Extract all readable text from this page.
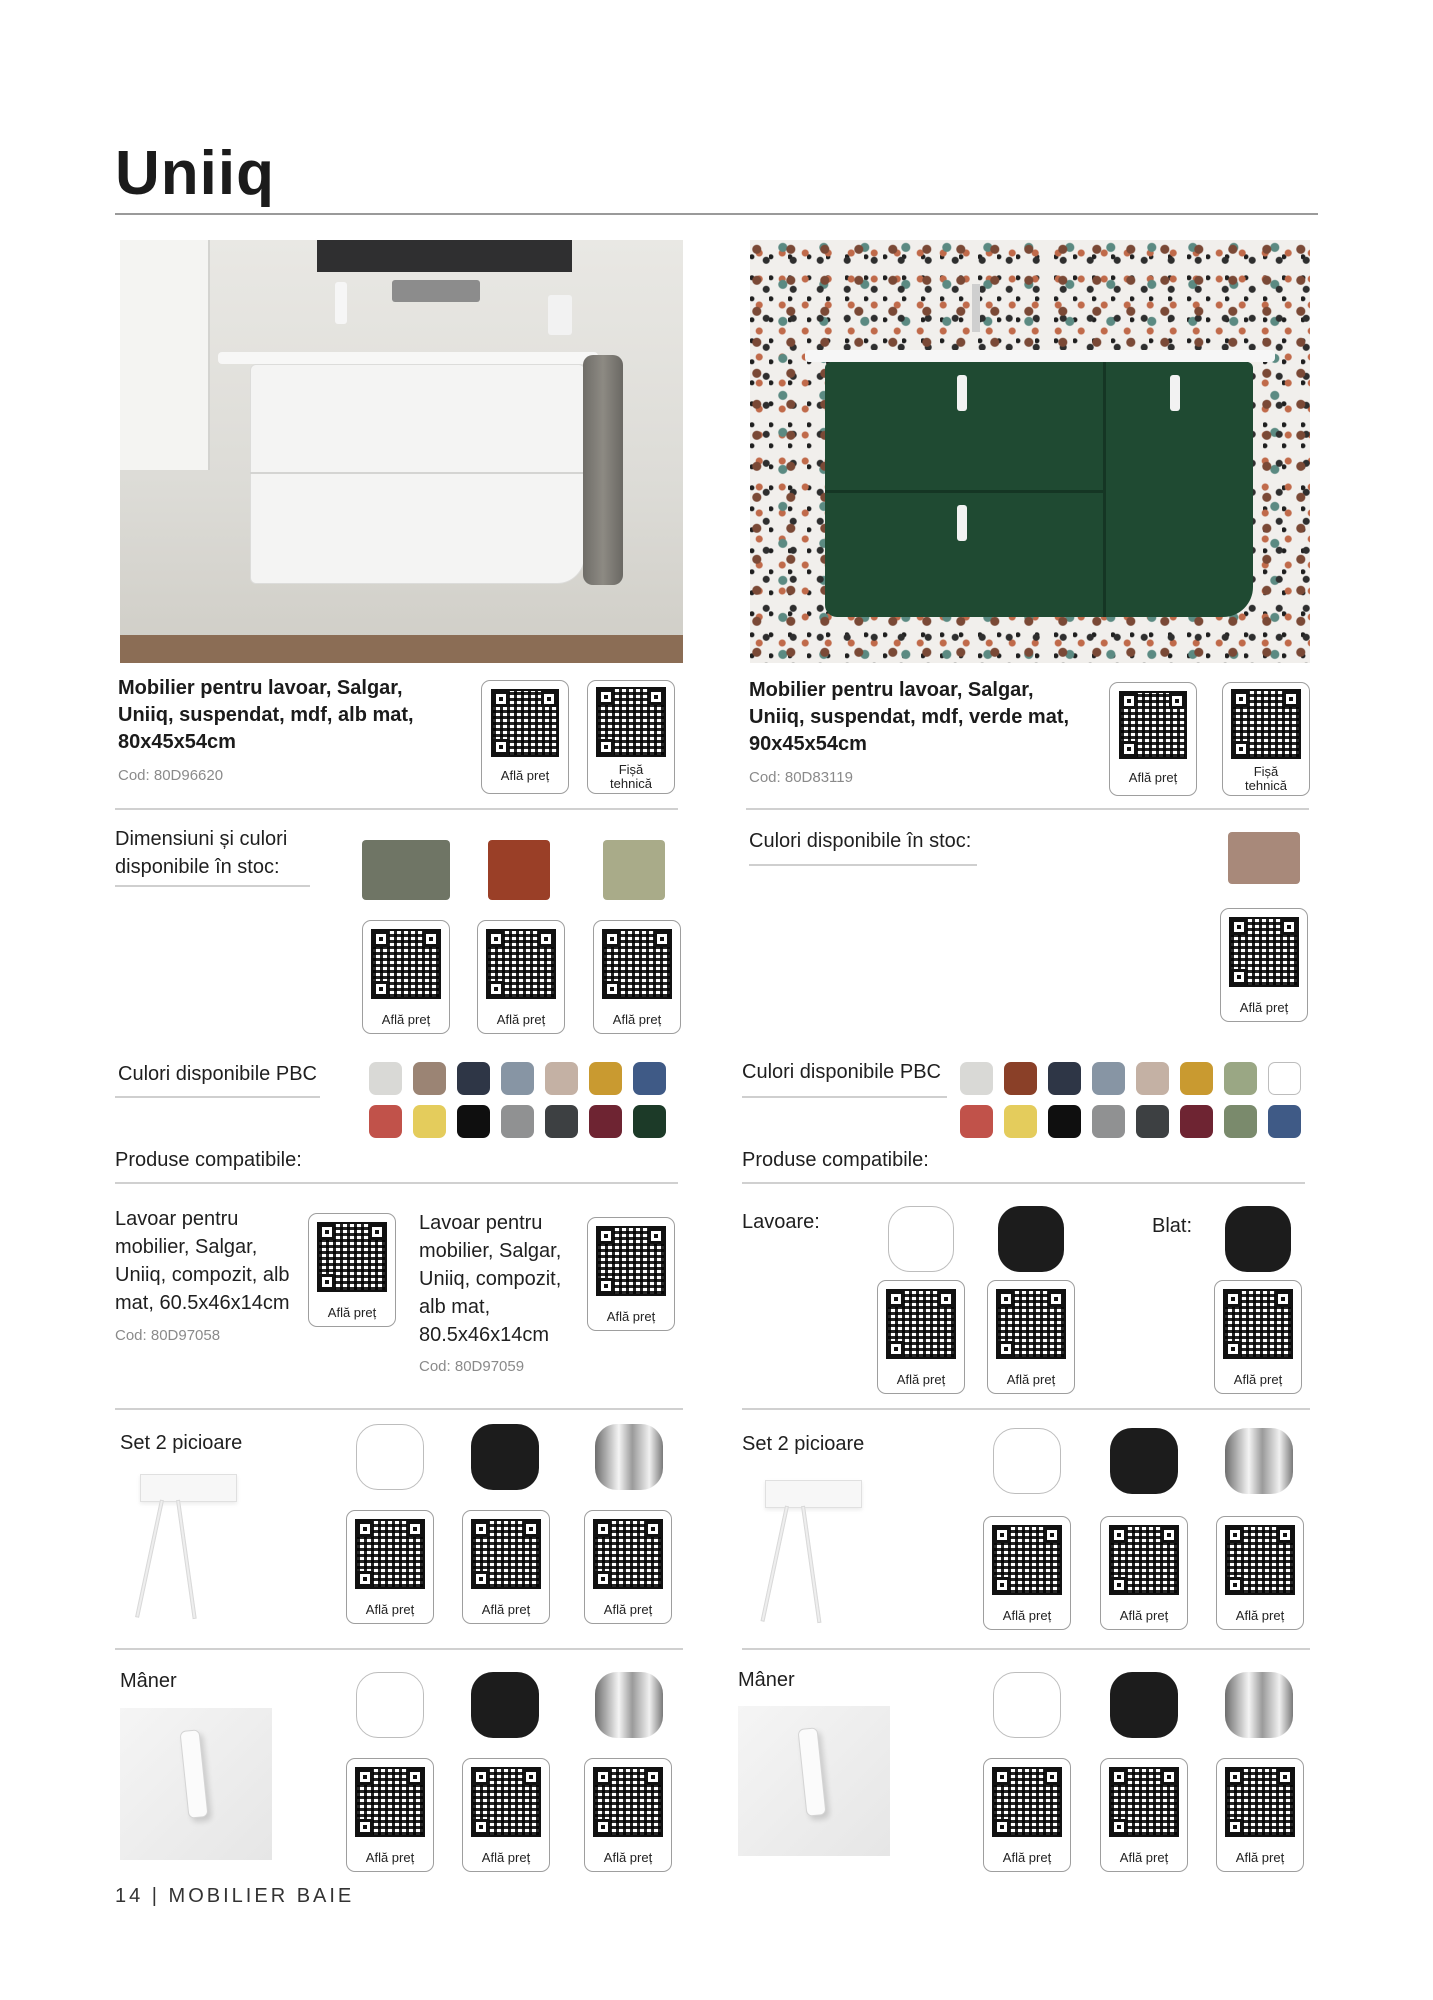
Uniiq
Mobilier pentru lavoar, Salgar,
Uniiq, suspendat, mdf, alb mat,
80x45x54cm
Cod: 80D96620	Află preț	Fișă
tehnică
Mobilier pentru lavoar, Salgar,
Uniiq, suspendat, mdf, verde mat,
90x45x54cm
Cod: 80D83119	Află preț	Fișă
tehnică
Dimensiuni și culori
disponibile în stoc:
Află preț	Află preț	Află preț
Culori disponibile în stoc:
Află preț
Culori disponibile PBC	Culori disponibile PBC
Produse compatibile:	Produse compatibile:
Lavoar pentru
mobilier, Salgar,
Uniiq, compozit, alb
mat, 60.5x46x14cm
Cod: 80D97058
Află preț
Lavoar pentru
mobilier, Salgar,
Uniiq, compozit,
alb mat,
80.5x46x14cm
Cod: 80D97059
Află preț
Lavoare:	Blat:
Află preț	Află preț	Află preț
Set 2 picioare
Află preț	Află preț	Află preț
Set 2 picioare
Află preț	Află preț	Află preț
Mâner
Află preț	Află preț	Află preț
Mâner
Află preț	Află preț	Află preț
14 | MOBILIER BAIE
